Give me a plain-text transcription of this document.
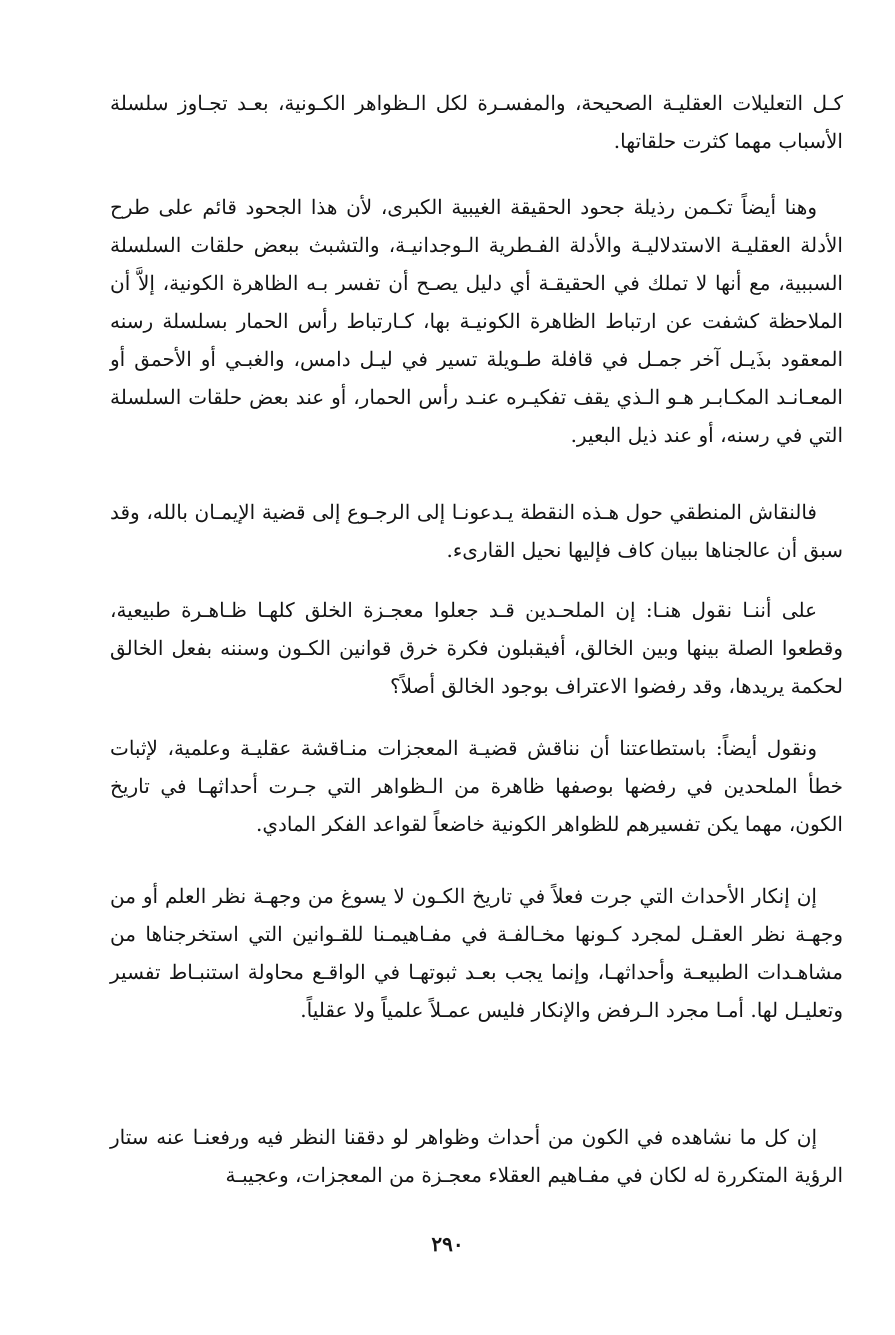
كـل التعليلات العقليـة الصحيحة، والمفسـرة لكل الـظواهر الكـونية، بعـد تجـاوز سلسلة الأسباب مهما كثرت حلقاتها.

وهنا أيضاً تكـمن رذيلة جحود الحقيقة الغيبية الكبرى، لأن هذا الجحود قائم على طرح الأدلة العقليـة الاستدلاليـة والأدلة الفـطرية الـوجدانيـة، والتشبث ببعض حلقات السلسلة السببية، مع أنها لا تملك في الحقيقـة أي دليل يصـح أن تفسر بـه الظاهرة الكونية، إلاَّ أن الملاحظة كشفت عن ارتباط الظاهرة الكونيـة بها، كـارتباط رأس الحمار بسلسلة رسنه المعقود بذَيـل آخر جمـل في قافلة طـويلة تسير في ليـل دامس، والغبـي أو الأحمق أو المعـانـد المكـابـر هـو الـذي يقف تفكيـره عنـد رأس الحمار، أو عند بعض حلقات السلسلة التي في رسنه، أو عند ذيل البعير.

فالنقاش المنطقي حول هـذه النقطة يـدعونـا إلى الرجـوع إلى قضية الإيمـان بالله، وقد سبق أن عالجناها ببيان كاف فإليها نحيل القارىء.

على أننـا نقول هنـا: إن الملحـدين قـد جعلوا معجـزة الخلق كلهـا ظـاهـرة طبيعية، وقطعوا الصلة بينها وبين الخالق، أفيقبلون فكرة خرق قوانين الكـون وسننه بفعل الخالق لحكمة يريدها، وقد رفضوا الاعتراف بوجود الخالق أصلاً؟

ونقول أيضاً: باستطاعتنا أن نناقش قضيـة المعجزات منـاقشة عقليـة وعلمية، لإثبات خطأ الملحدين في رفضها بوصفها ظاهرة من الـظواهر التي جـرت أحداثهـا في تاريخ الكون، مهما يكن تفسيرهم للظواهر الكونية خاضعاً لقواعد الفكر المادي.

إن إنكار الأحداث التي جرت فعلاً في تاريخ الكـون لا يسوغ من وجهـة نظر العلم أو من وجهـة نظر العقـل لمجرد كـونها مخـالفـة في مفـاهيمـنا للقـوانين التي استخرجناها من مشاهـدات الطبيعـة وأحداثهـا، وإنما يجب بعـد ثبوتهـا في الواقـع محاولة استنبـاط تفسير وتعليـل لها. أمـا مجرد الـرفض والإنكار فليس عمـلاً علمياً ولا عقلياً.

إن كل ما نشاهده في الكون من أحداث وظواهر لو دققنا النظر فيه ورفعنـا عنه ستار الرؤية المتكررة له لكان في مفـاهيم العقلاء معجـزة من المعجزات، وعجيبـة

٢٩٠
